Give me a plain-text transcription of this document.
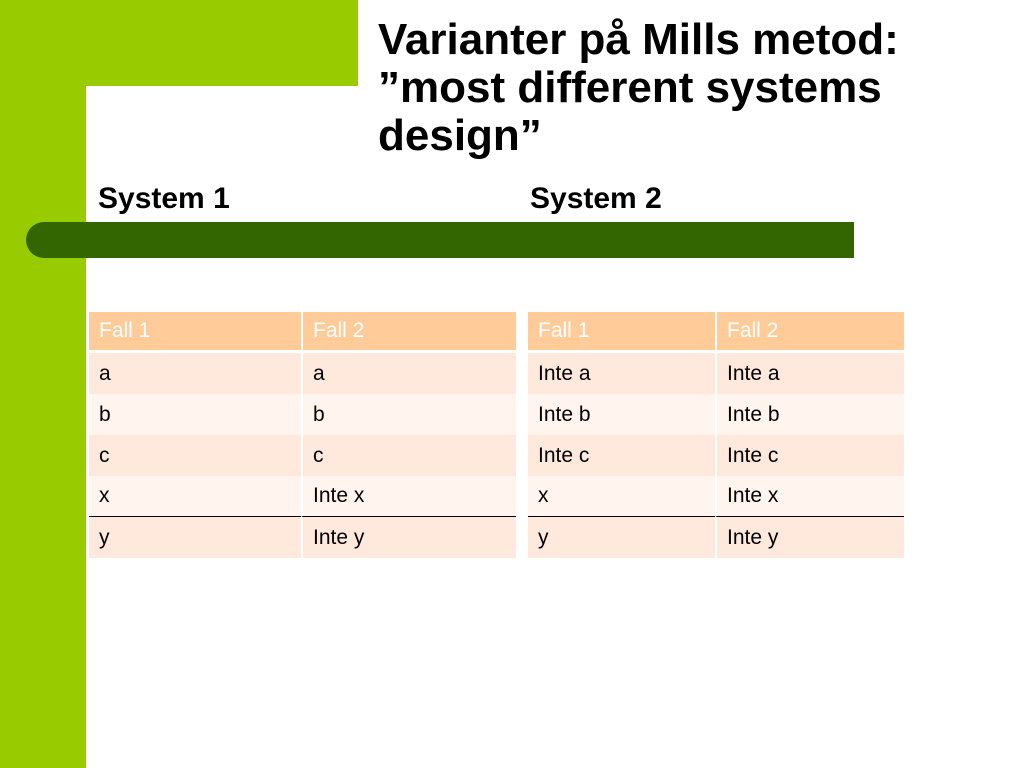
Varianter på Mills metod:
”most different systems
design”
System 1	System 2
Fall 1	Fall 2
a	a
b	b
c	c
x	Inte x
y	Inte y
Fall 1	Fall 2
Inte a	Inte a
Inte b	Inte b
Inte c	Inte c
x	Inte x
y	Inte y
